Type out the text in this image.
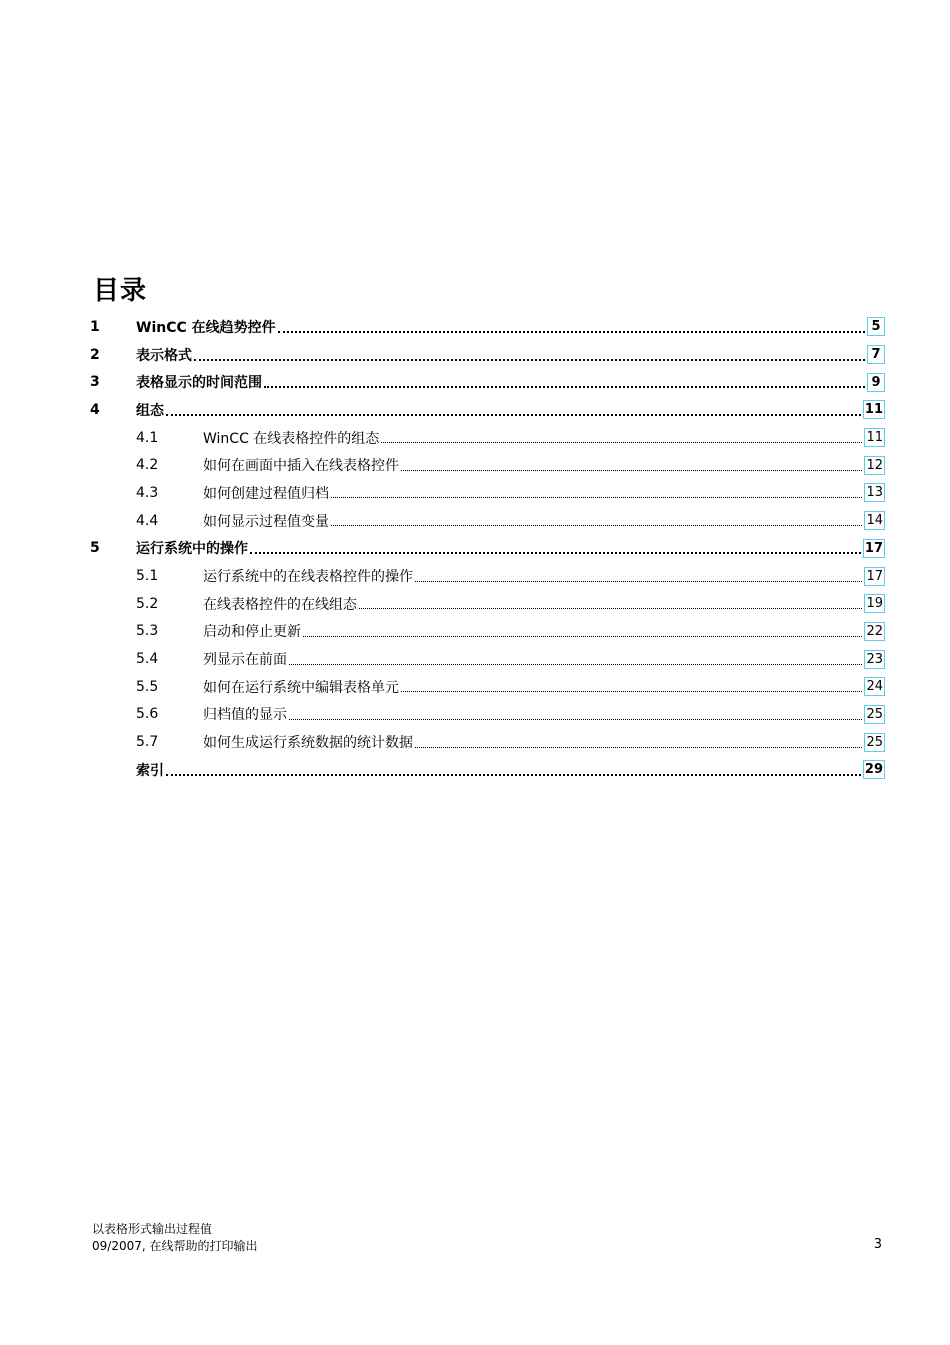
目录
1	WinCC 在线趋势控件	5
2	表示格式	7
3	表格显示的时间范围	9
4	组态	11
4.1	WinCC 在线表格控件的组态	11
4.2	如何在画面中插入在线表格控件	12
4.3	如何创建过程值归档	13
4.4	如何显示过程值变量	14
5	运行系统中的操作	17
5.1	运行系统中的在线表格控件的操作	17
5.2	在线表格控件的在线组态	19
5.3	启动和停止更新	22
5.4	列显示在前面	23
5.5	如何在运行系统中编辑表格单元	24
5.6	归档值的显示	25
5.7	如何生成运行系统数据的统计数据	25
索引	29
以表格形式输出过程值
09/2007, 在线帮助的打印输出	3
